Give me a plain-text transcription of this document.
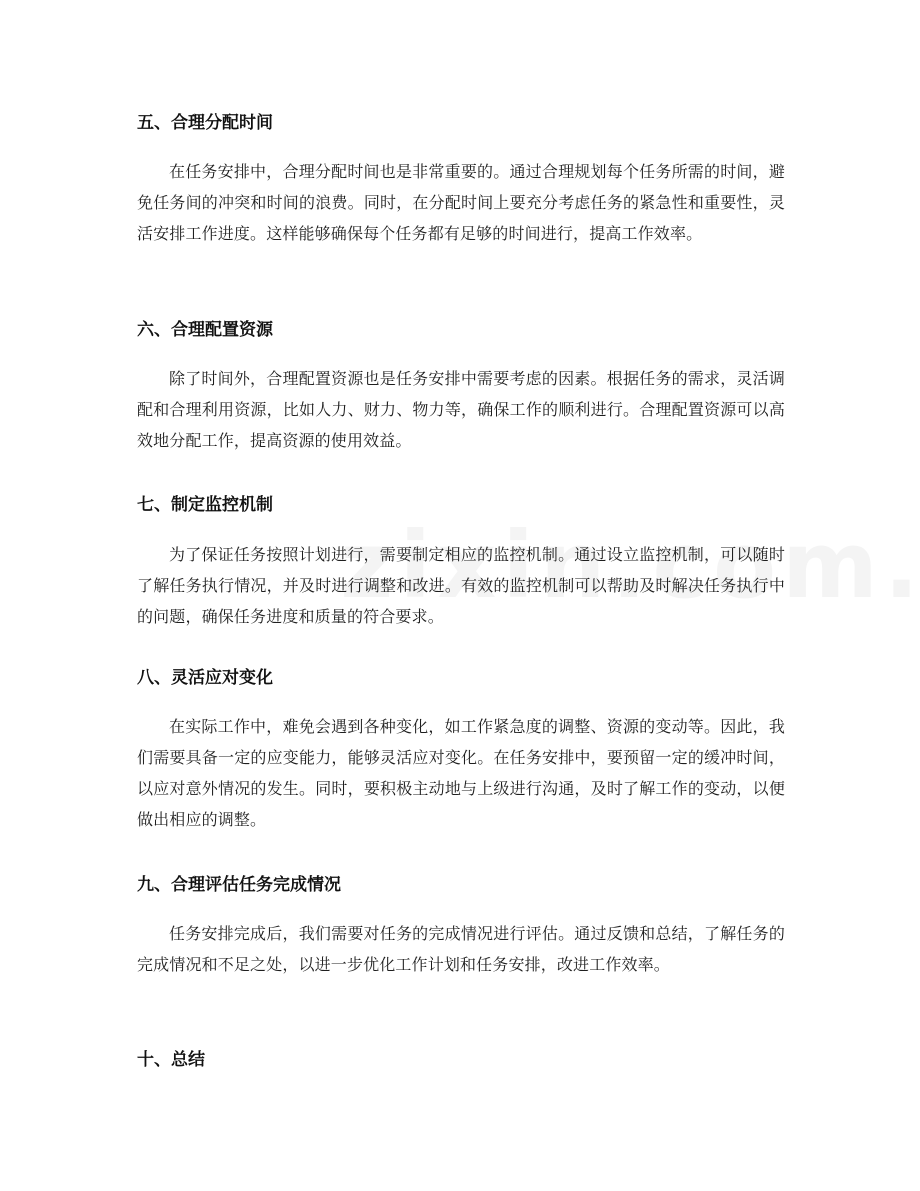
五、合理分配时间

在任务安排中，合理分配时间也是非常重要的。通过合理规划每个任务所需的时间，避免任务间的冲突和时间的浪费。同时，在分配时间上要充分考虑任务的紧急性和重要性，灵活安排工作进度。这样能够确保每个任务都有足够的时间进行，提高工作效率。

六、合理配置资源

除了时间外，合理配置资源也是任务安排中需要考虑的因素。根据任务的需求，灵活调配和合理利用资源，比如人力、财力、物力等，确保工作的顺利进行。合理配置资源可以高效地分配工作，提高资源的使用效益。

七、制定监控机制

为了保证任务按照计划进行，需要制定相应的监控机制。通过设立监控机制，可以随时了解任务执行情况，并及时进行调整和改进。有效的监控机制可以帮助及时解决任务执行中的问题，确保任务进度和质量的符合要求。

八、灵活应对变化

在实际工作中，难免会遇到各种变化，如工作紧急度的调整、资源的变动等。因此，我们需要具备一定的应变能力，能够灵活应对变化。在任务安排中，要预留一定的缓冲时间，以应对意外情况的发生。同时，要积极主动地与上级进行沟通，及时了解工作的变动，以便做出相应的调整。

九、合理评估任务完成情况

任务安排完成后，我们需要对任务的完成情况进行评估。通过反馈和总结，了解任务的完成情况和不足之处，以进一步优化工作计划和任务安排，改进工作效率。

十、总结
